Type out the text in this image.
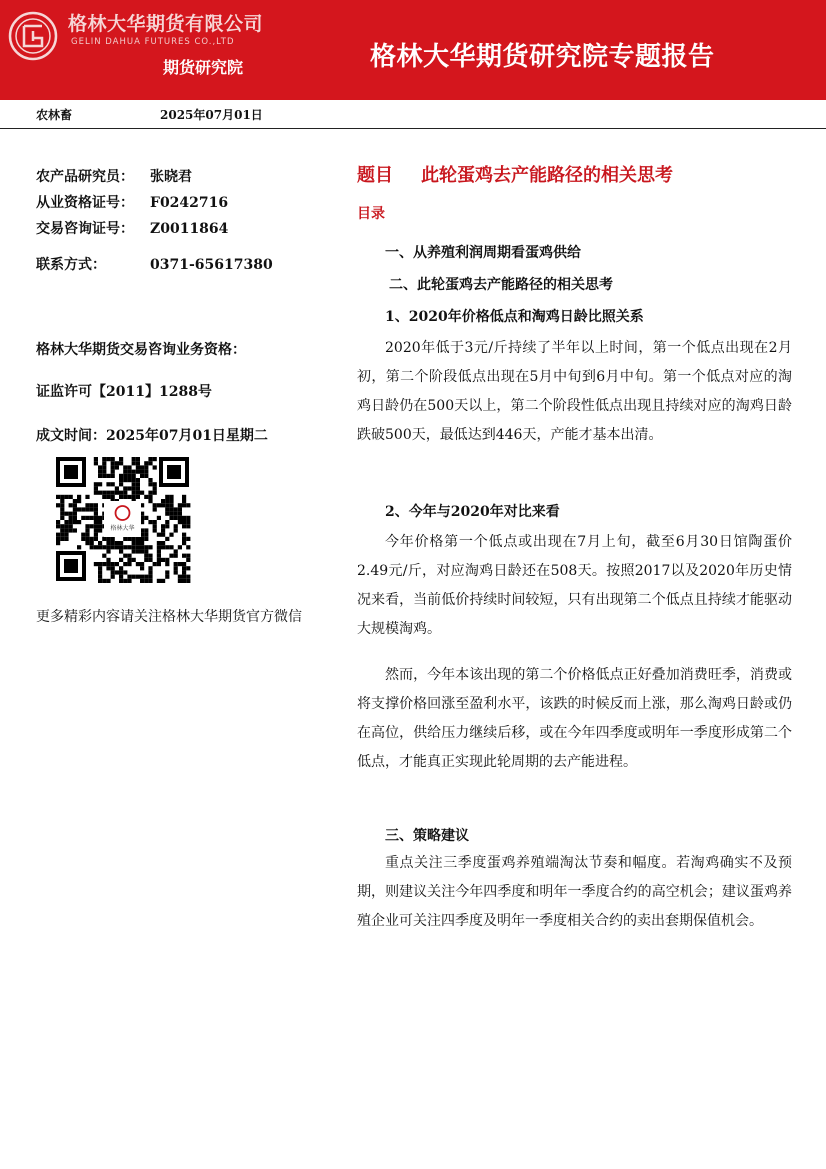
格林大华期货有限公司
GELIN DAHUA FUTURES CO.,LTD
期货研究院	格林大华期货研究院专题报告
农林畜	2025年07月01日
农产品研究员： 张晓君
从业资格证号： F0242716
交易咨询证号： Z0011864
联系方式：	0371-65617380
格林大华期货交易咨询业务资格：
证监许可【2011】1288号
成文时间：2025年07月01日星期二
格林大华
更多精彩内容请关注格林大华期货官方微信
题目 此轮蛋鸡去产能路径的相关思考
目录
一、从养殖利润周期看蛋鸡供给
二、此轮蛋鸡去产能路径的相关思考
1、2020年价格低点和淘鸡日龄比照关系

2020年低于3元/斤持续了半年以上时间，第一个低点出现在2月初，第二个阶段低点出现在5月中旬到6月中旬。第一个低点对应的淘鸡日龄仍在500天以上，第二个阶段性低点出现且持续对应的淘鸡日龄跌破500天，最低达到446天，产能才基本出清。

2、今年与2020年对比来看

今年价格第一个低点或出现在7月上旬，截至6月30日馆陶蛋价2.49元/斤，对应淘鸡日龄还在508天。按照2017以及2020年历史情况来看，当前低价持续时间较短，只有出现第二个低点且持续才能驱动大规模淘鸡。

然而，今年本该出现的第二个价格低点正好叠加消费旺季，消费或将支撑价格回涨至盈利水平，该跌的时候反而上涨，那么淘鸡日龄或仍在高位，供给压力继续后移，或在今年四季度或明年一季度形成第二个低点，才能真正实现此轮周期的去产能进程。

三、策略建议

重点关注三季度蛋鸡养殖端淘汰节奏和幅度。若淘鸡确实不及预期，则建议关注今年四季度和明年一季度合约的高空机会；建议蛋鸡养殖企业可关注四季度及明年一季度相关合约的卖出套期保值机会。
